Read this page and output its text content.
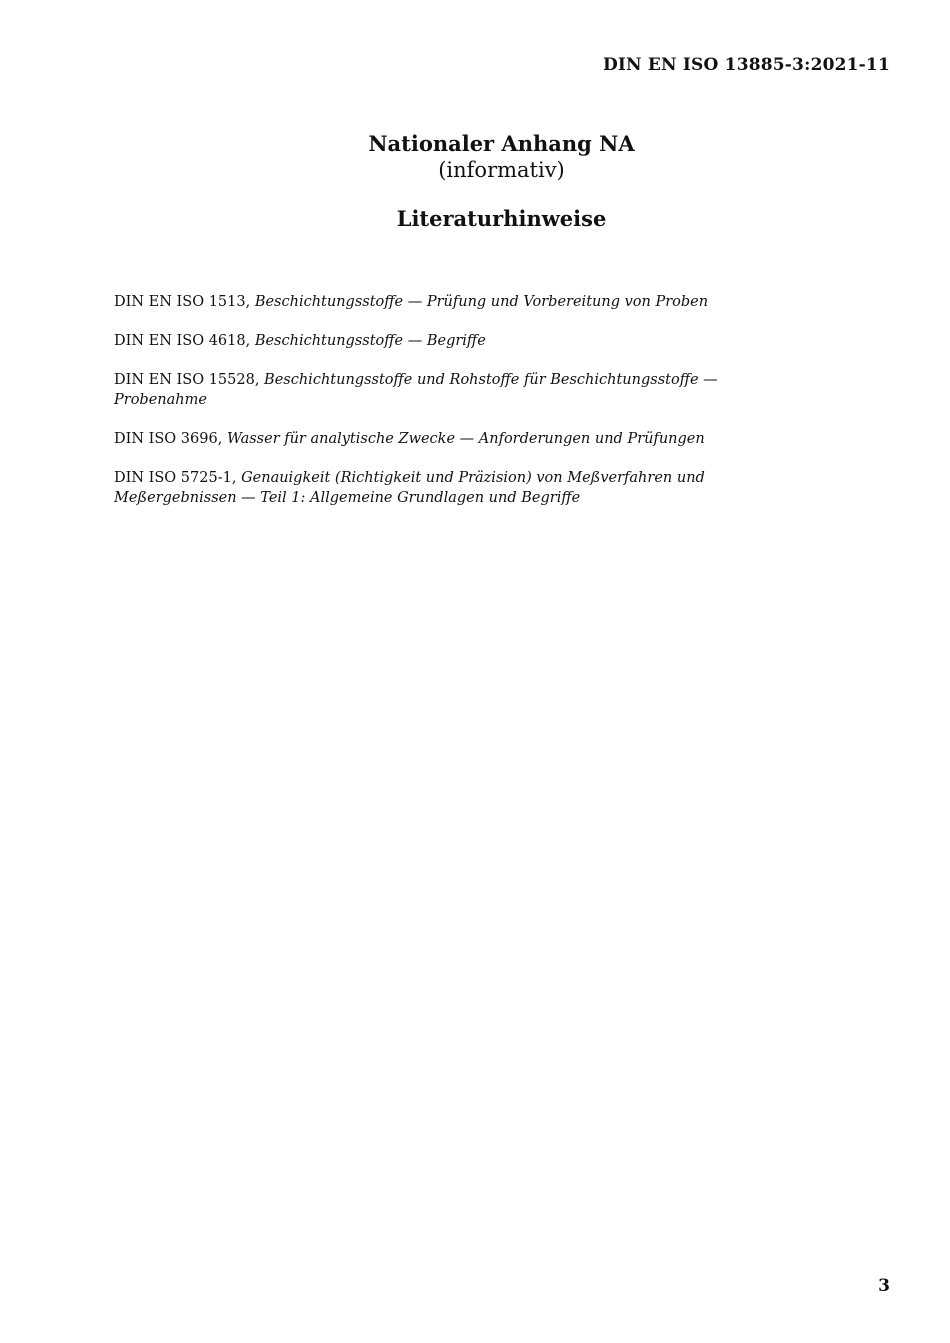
DIN EN ISO 13885-3:2021-11
Nationaler Anhang NA
(informativ)
Literaturhinweise
DIN EN ISO 1513, Beschichtungsstoffe — Prüfung und Vorbereitung von Proben
DIN EN ISO 4618, Beschichtungsstoffe — Begriffe
DIN EN ISO 15528, Beschichtungsstoffe und Rohstoffe für Beschichtungsstoffe — Probenahme
DIN ISO 3696, Wasser für analytische Zwecke — Anforderungen und Prüfungen
DIN ISO 5725-1, Genauigkeit (Richtigkeit und Präzision) von Meßverfahren und Meßergebnissen — Teil 1: Allgemeine Grundlagen und Begriffe
3
